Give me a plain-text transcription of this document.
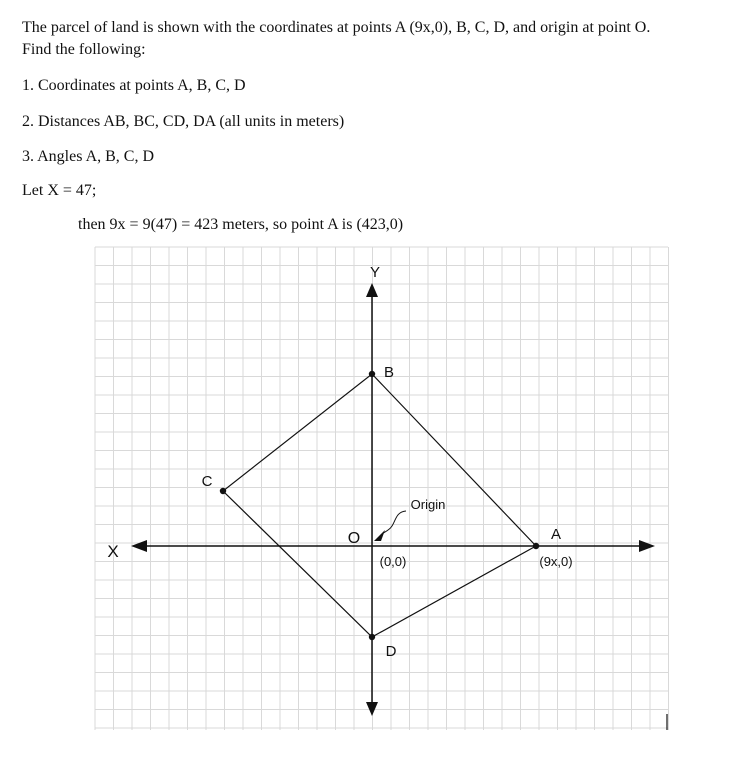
The parcel of land is shown with the coordinates at points A (9x,0), B, C, D, and origin at point O.
Find the following:
1. Coordinates at points A, B, C, D
2. Distances AB, BC, CD, DA (all units in meters)
3. Angles A, B, C, D
Let X = 47;
then 9x = 9(47) = 423 meters, so point A is (423,0)
Y
X
B
C
D
A
(9x,0)
O
(0,0)
Origin
